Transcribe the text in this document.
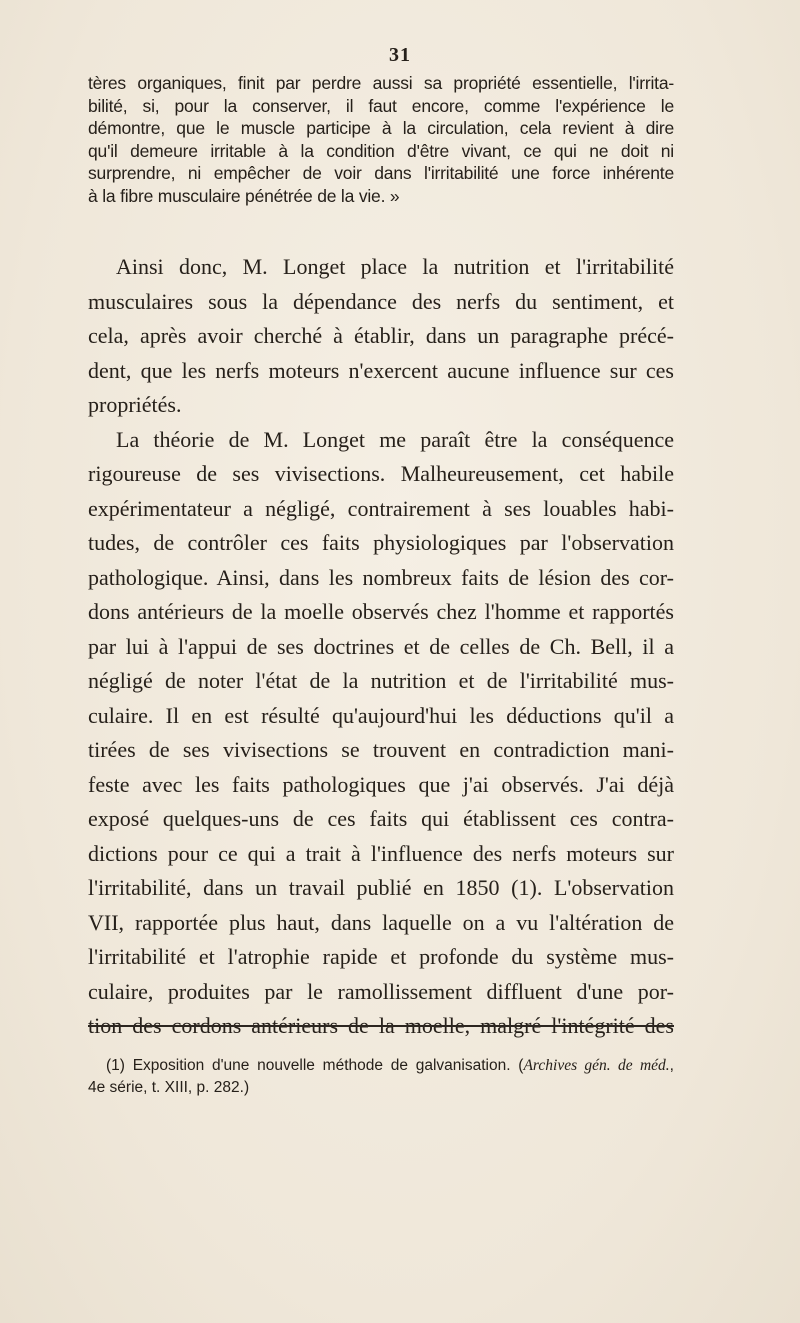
31
tères organiques, finit par perdre aussi sa propriété essentielle, l'irrita-
bilité, si, pour la conserver, il faut encore, comme l'expérience le
démontre, que le muscle participe à la circulation, cela revient à dire
qu'il demeure irritable à la condition d'être vivant, ce qui ne doit ni
surprendre, ni empêcher de voir dans l'irritabilité une force inhérente
à la fibre musculaire pénétrée de la vie. »
Ainsi donc, M. Longet place la nutrition et l'irritabilité
musculaires sous la dépendance des nerfs du sentiment, et
cela, après avoir cherché à établir, dans un paragraphe précé-
dent, que les nerfs moteurs n'exercent aucune influence sur ces
propriétés.
La théorie de M. Longet me paraît être la conséquence
rigoureuse de ses vivisections. Malheureusement, cet habile
expérimentateur a négligé, contrairement à ses louables habi-
tudes, de contrôler ces faits physiologiques par l'observation
pathologique. Ainsi, dans les nombreux faits de lésion des cor-
dons antérieurs de la moelle observés chez l'homme et rapportés
par lui à l'appui de ses doctrines et de celles de Ch. Bell, il a
négligé de noter l'état de la nutrition et de l'irritabilité mus-
culaire. Il en est résulté qu'aujourd'hui les déductions qu'il a
tirées de ses vivisections se trouvent en contradiction mani-
feste avec les faits pathologiques que j'ai observés. J'ai déjà
exposé quelques-uns de ces faits qui établissent ces contra-
dictions pour ce qui a trait à l'influence des nerfs moteurs sur
l'irritabilité, dans un travail publié en 1850 (1). L'observation
VII, rapportée plus haut, dans laquelle on a vu l'altération de
l'irritabilité et l'atrophie rapide et profonde du système mus-
culaire, produites par le ramollissement diffluent d'une por-
tion des cordons antérieurs de la moelle, malgré l'intégrité des
(1) Exposition d'une nouvelle méthode de galvanisation. (Archives gén. de méd.,
4e série, t. XIII, p. 282.)
